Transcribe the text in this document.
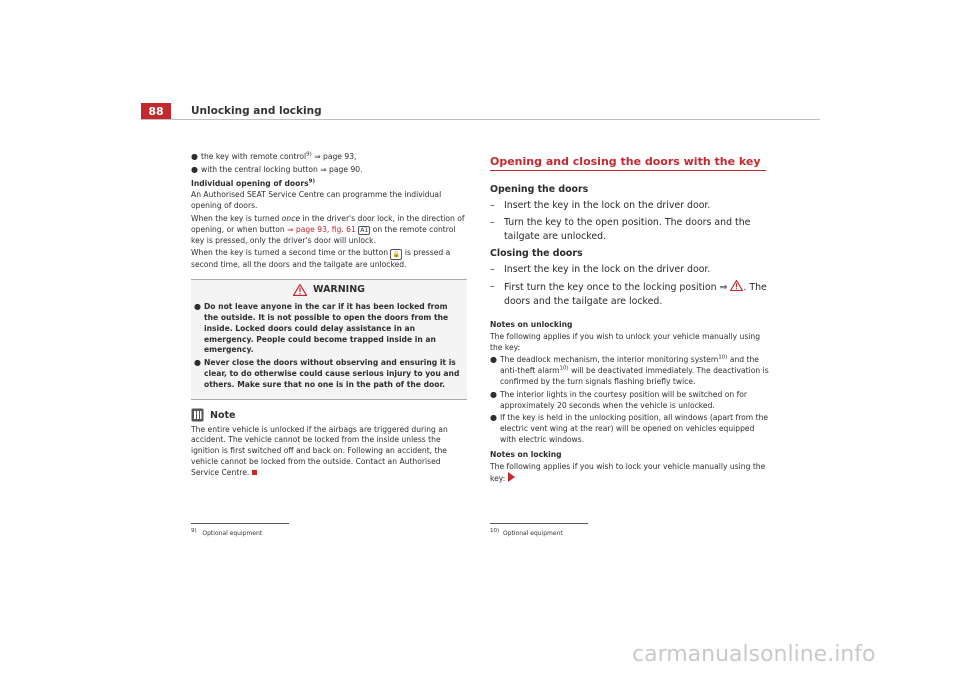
88	Unlocking and locking
● the key with remote control$^{9)}$ ⇒ page 93,
● with the central locking button ⇒ page 90.
Individual opening of doors$^{9)}$

An Authorised SEAT Service Centre can programme the individual opening of doors.

When the key is turned once in the driver's door lock, in the direction of opening, or when button ⇒ page 93, fig. 61 A1 on the remote control key is pressed, only the driver's door will unlock.

When the key is turned a second time or the button 🔓 is pressed a second time, all the doors and the tailgate are unlocked.

WARNING
● Do not leave anyone in the car if it has been locked from the outside. It is not possible to open the doors from the inside. Locked doors could delay assistance in an emergency. People could become trapped inside in an emergency.
● Never close the doors without observing and ensuring it is clear, to do otherwise could cause serious injury to you and others. Make sure that no one is in the path of the door.
Note

The entire vehicle is unlocked if the airbags are triggered during an accident. The vehicle cannot be locked from the inside unless the ignition is first switched off and back on. Following an accident, the vehicle cannot be locked from the outside. Contact an Authorised Service Centre.

Opening and closing the doors with the key
Opening the doors
– Insert the key in the lock on the driver door.
– Turn the key to the open position. The doors and the tailgate are unlocked.
Closing the doors
– Insert the key in the lock on the driver door.
– First turn the key once to the locking position ⇒ . The doors and the tailgate are locked.
Notes on unlocking

The following applies if you wish to unlock your vehicle manually using the key:

● The deadlock mechanism, the interior monitoring system$^{10)}$ and the anti-theft alarm$^{10)}$ will be deactivated immediately. The deactivation is confirmed by the turn signals flashing briefly twice.
● The interior lights in the courtesy position will be switched on for approximately 20 seconds when the vehicle is unlocked.
● If the key is held in the unlocking position, all windows (apart from the electric vent wing at the rear) will be opened on vehicles equipped with electric windows.
Notes on locking

The following applies if you wish to lock your vehicle manually using the key:

9) Optional equipment	10) Optional equipment
carmanualsonline.info
